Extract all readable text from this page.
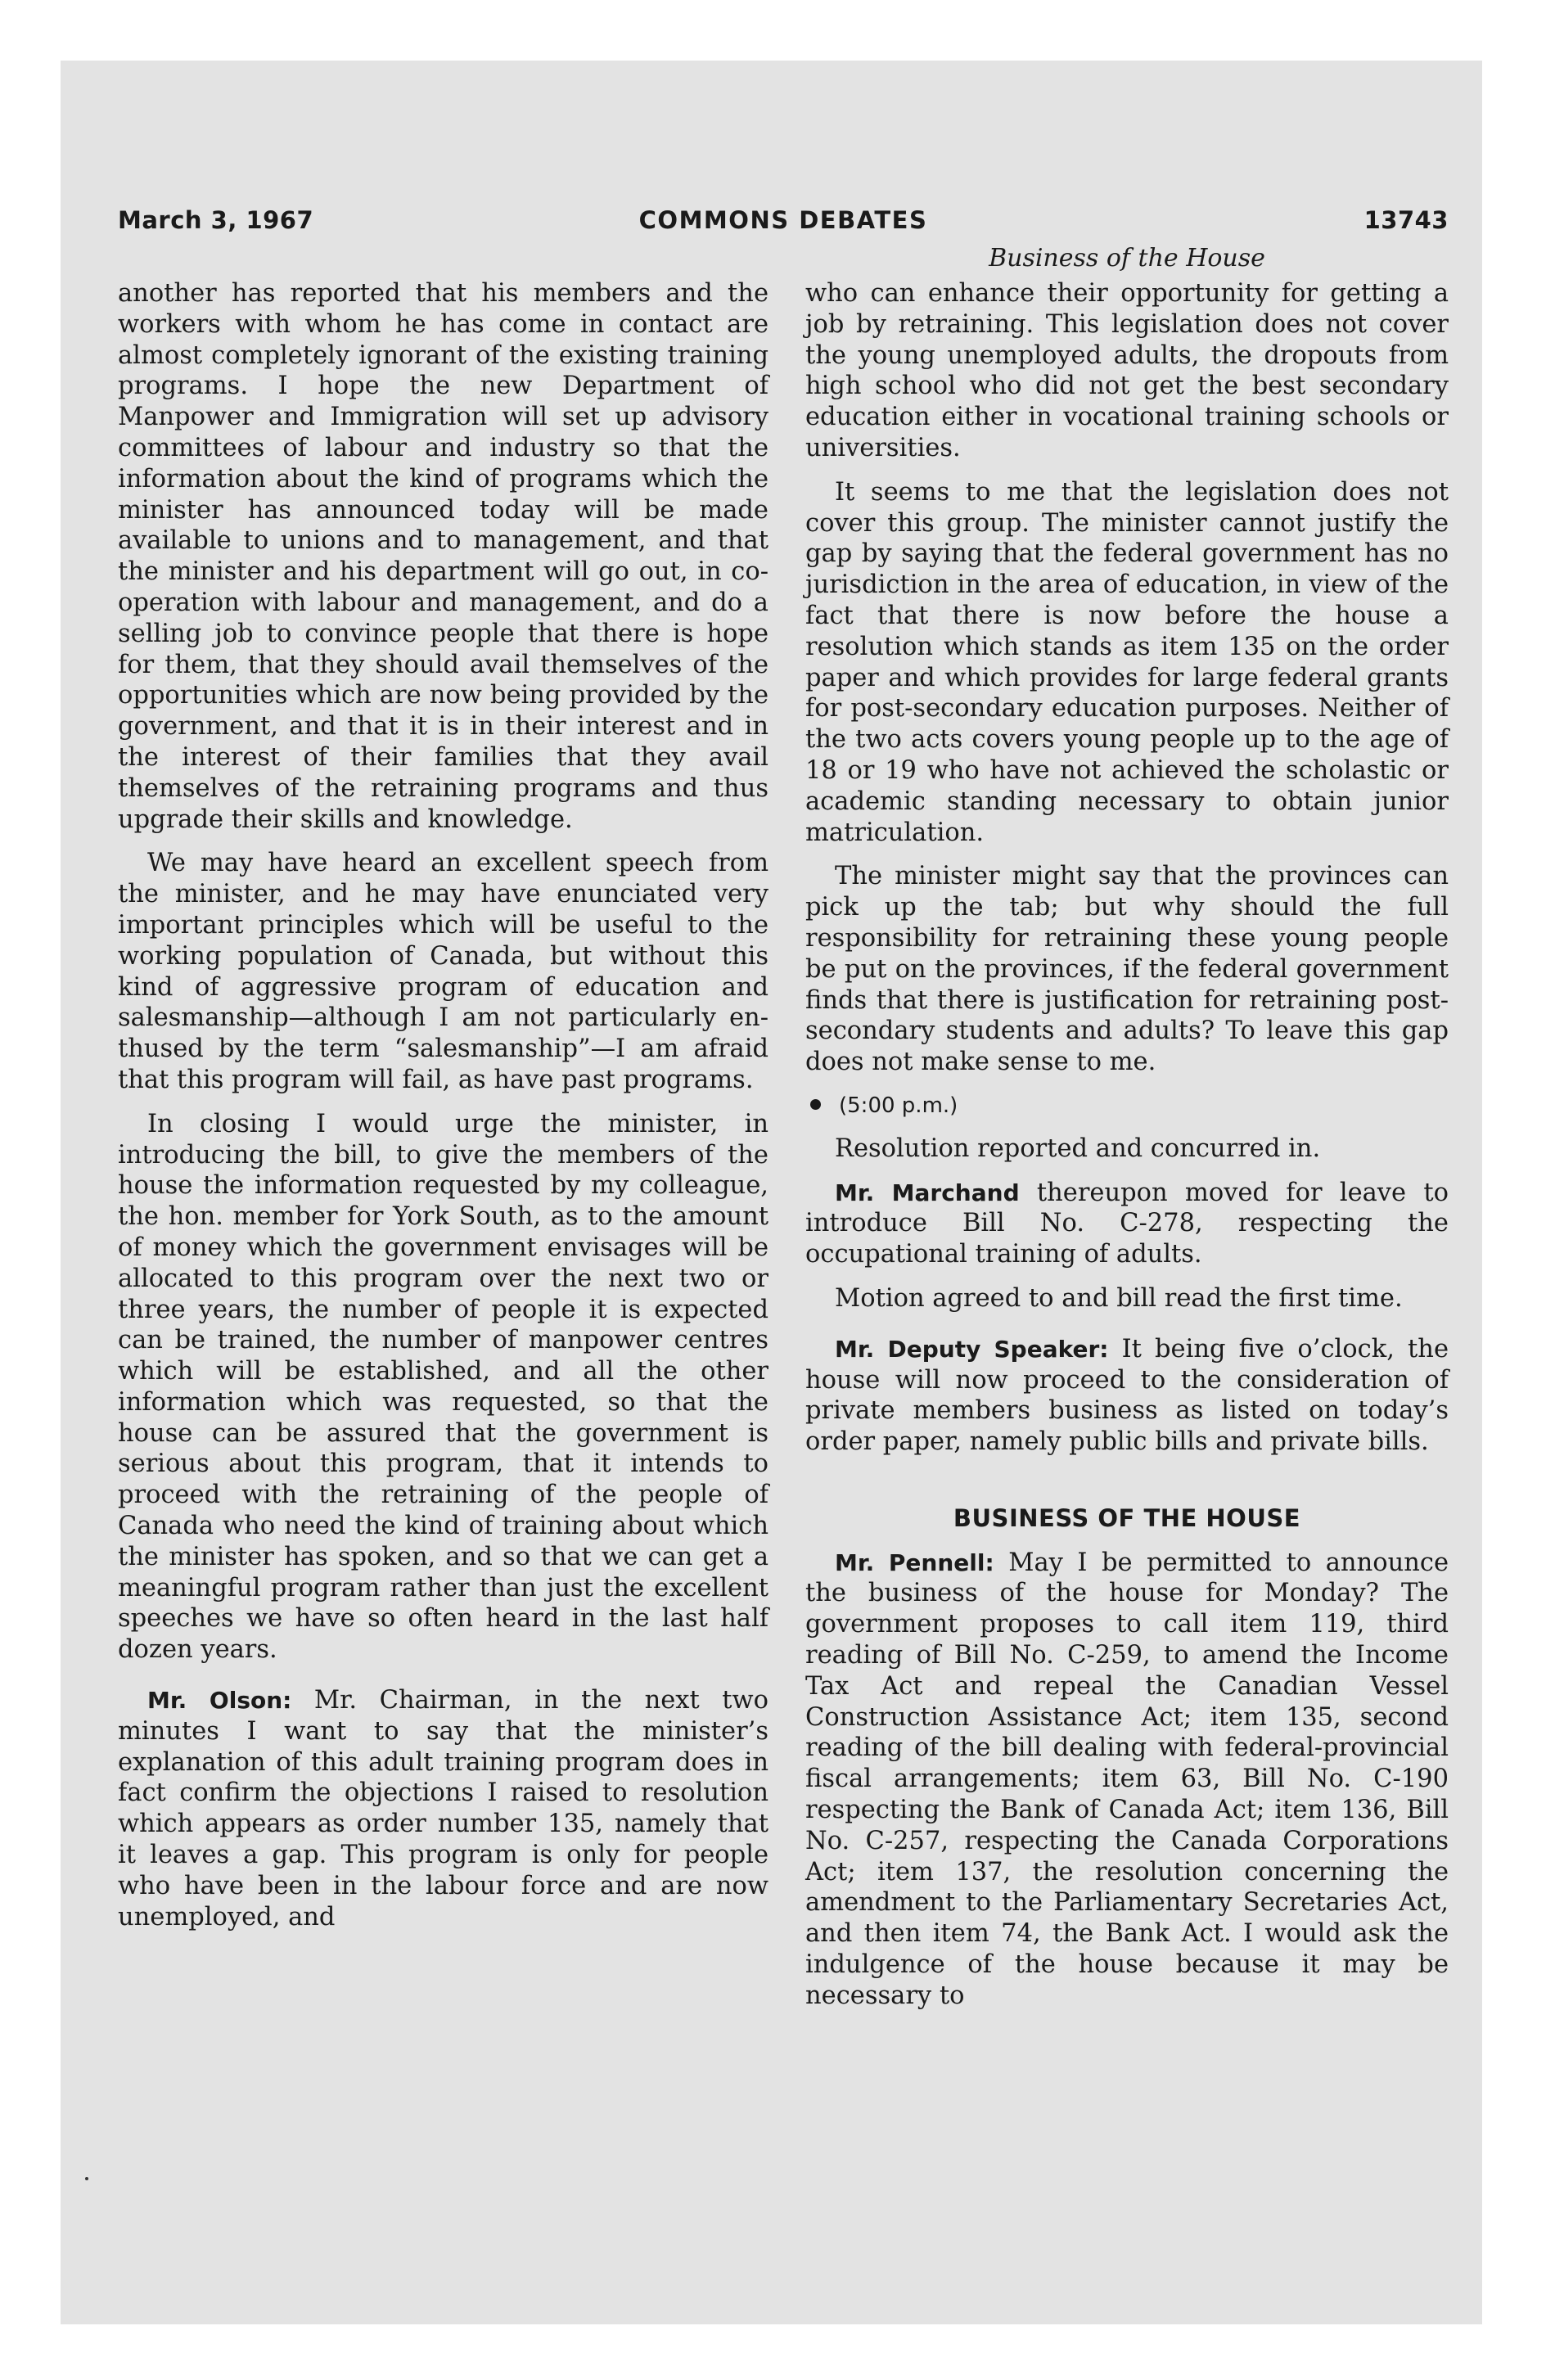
March 3, 1967	COMMONS DEBATES	13743
Business of the House

another has reported that his members and the workers with whom he has come in contact are almost completely ignorant of the existing training programs. I hope the new Department of Manpower and Immigration will set up advisory committees of labour and industry so that the information about the kind of programs which the minister has announced today will be made available to unions and to management, and that the minister and his department will go out, in cooperation with labour and management, and do a selling job to convince people that there is hope for them, that they should avail themselves of the opportunities which are now being provided by the government, and that it is in their interest and in the interest of their families that they avail themselves of the retraining programs and thus upgrade their skills and knowledge.

We may have heard an excellent speech from the minister, and he may have enunciated very important principles which will be useful to the working population of Canada, but without this kind of aggressive program of education and salesmanship—although I am not particularly enthused by the term “salesmanship”—I am afraid that this program will fail, as have past programs.

In closing I would urge the minister, in introducing the bill, to give the members of the house the information requested by my colleague, the hon. member for York South, as to the amount of money which the government envisages will be allocated to this program over the next two or three years, the number of people it is expected can be trained, the number of manpower centres which will be established, and all the other information which was requested, so that the house can be assured that the government is serious about this program, that it intends to proceed with the retraining of the people of Canada who need the kind of training about which the minister has spoken, and so that we can get a meaningful program rather than just the excellent speeches we have so often heard in the last half dozen years.

Mr. Olson: Mr. Chairman, in the next two minutes I want to say that the minister’s explanation of this adult training program does in fact confirm the objections I raised to resolution which appears as order number 135, namely that it leaves a gap. This program is only for people who have been in the labour force and are now unemployed, and

who can enhance their opportunity for getting a job by retraining. This legislation does not cover the young unemployed adults, the dropouts from high school who did not get the best secondary education either in vocational training schools or universities.

It seems to me that the legislation does not cover this group. The minister cannot justify the gap by saying that the federal government has no jurisdiction in the area of education, in view of the fact that there is now before the house a resolution which stands as item 135 on the order paper and which provides for large federal grants for post-secondary education purposes. Neither of the two acts covers young people up to the age of 18 or 19 who have not achieved the scholastic or academic standing necessary to obtain junior matriculation.

The minister might say that the provinces can pick up the tab; but why should the full responsibility for retraining these young people be put on the provinces, if the federal government finds that there is justification for retraining post-secondary students and adults? To leave this gap does not make sense to me.

(5:00 p.m.)

Resolution reported and concurred in.

Mr. Marchand thereupon moved for leave to introduce Bill No. C-278, respecting the occupational training of adults.

Motion agreed to and bill read the first time.

Mr. Deputy Speaker: It being five o’clock, the house will now proceed to the consideration of private members business as listed on today’s order paper, namely public bills and private bills.

BUSINESS OF THE HOUSE

Mr. Pennell: May I be permitted to announce the business of the house for Monday? The government proposes to call item 119, third reading of Bill No. C-259, to amend the Income Tax Act and repeal the Canadian Vessel Construction Assistance Act; item 135, second reading of the bill dealing with federal-provincial fiscal arrangements; item 63, Bill No. C-190 respecting the Bank of Canada Act; item 136, Bill No. C-257, respecting the Canada Corporations Act; item 137, the resolution concerning the amendment to the Parliamentary Secretaries Act, and then item 74, the Bank Act. I would ask the indulgence of the house because it may be necessary to
